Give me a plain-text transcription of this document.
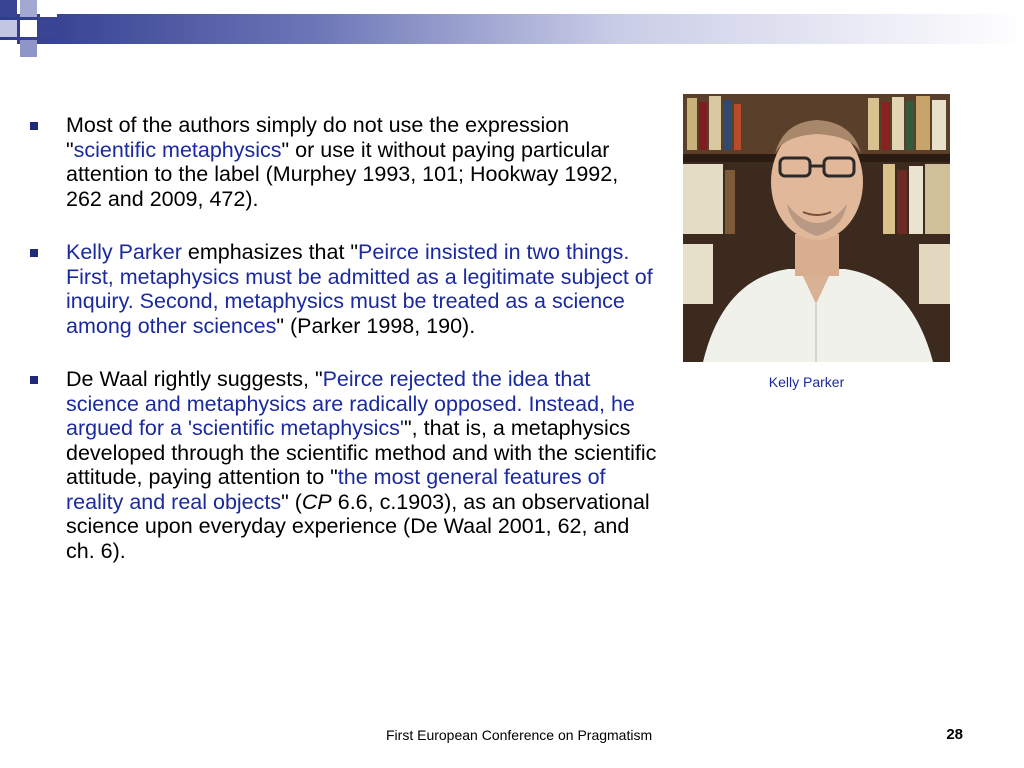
Most of the authors simply do not use the expression "scientific metaphysics" or use it without paying particular attention to the label (Murphey 1993, 101; Hookway 1992, 262 and 2009, 472).
Kelly Parker emphasizes that "Peirce insisted in two things. First, metaphysics must be admitted as a legitimate subject of inquiry. Second, metaphysics must be treated as a science among other sciences" (Parker 1998, 190).
De Waal rightly suggests, "Peirce rejected the idea that science and metaphysics are radically opposed. Instead, he argued for a 'scientific metaphysics'", that is, a metaphysics developed through the scientific method and with the scientific attitude, paying attention to "the most general features of reality and real objects" (CP 6.6, c.1903), as an observational science upon everyday experience (De Waal 2001, 62, and ch. 6).
Kelly Parker
First European Conference on Pragmatism	28
